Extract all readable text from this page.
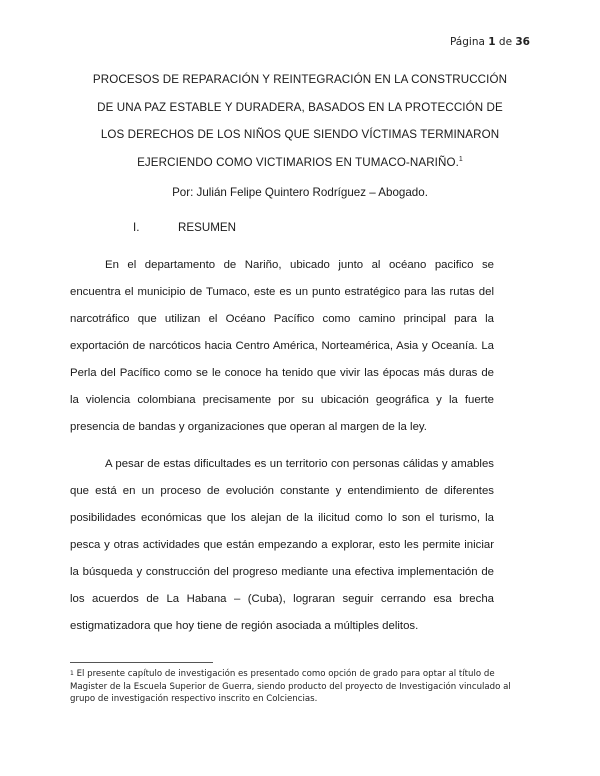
Página 1 de 36
PROCESOS DE REPARACIÓN Y REINTEGRACIÓN EN LA CONSTRUCCIÓN
DE UNA PAZ ESTABLE Y DURADERA, BASADOS EN LA PROTECCIÓN DE
LOS DERECHOS DE LOS NIÑOS QUE SIENDO VÍCTIMAS TERMINARON
EJERCIENDO COMO VICTIMARIOS EN TUMACO-NARIÑO.$^1$
Por: Julián Felipe Quintero Rodríguez – Abogado.
I.	RESUMEN

En el departamento de Nariño, ubicado junto al océano pacifico se encuentra el municipio de Tumaco, este es un punto estratégico para las rutas del narcotráfico que utilizan el Océano Pacífico como camino principal para la exportación de narcóticos hacia Centro América, Norteamérica, Asia y Oceanía. La Perla del Pacífico como se le conoce ha tenido que vivir las épocas más duras de la violencia colombiana precisamente por su ubicación geográfica y la fuerte presencia de bandas y organizaciones que operan al margen de la ley.

A pesar de estas dificultades es un territorio con personas cálidas y amables que está en un proceso de evolución constante y entendimiento de diferentes posibilidades económicas que los alejan de la ilicitud como lo son el turismo, la pesca y otras actividades que están empezando a explorar, esto les permite iniciar la búsqueda y construcción del progreso mediante una efectiva implementación de los acuerdos de La Habana – (Cuba), lograran seguir cerrando esa brecha estigmatizadora que hoy tiene de región asociada a múltiples delitos.

$^1$ El presente capítulo de investigación es presentado como opción de grado para optar al título de Magister de la Escuela Superior de Guerra, siendo producto del proyecto de Investigación vinculado al grupo de investigación respectivo inscrito en Colciencias.
